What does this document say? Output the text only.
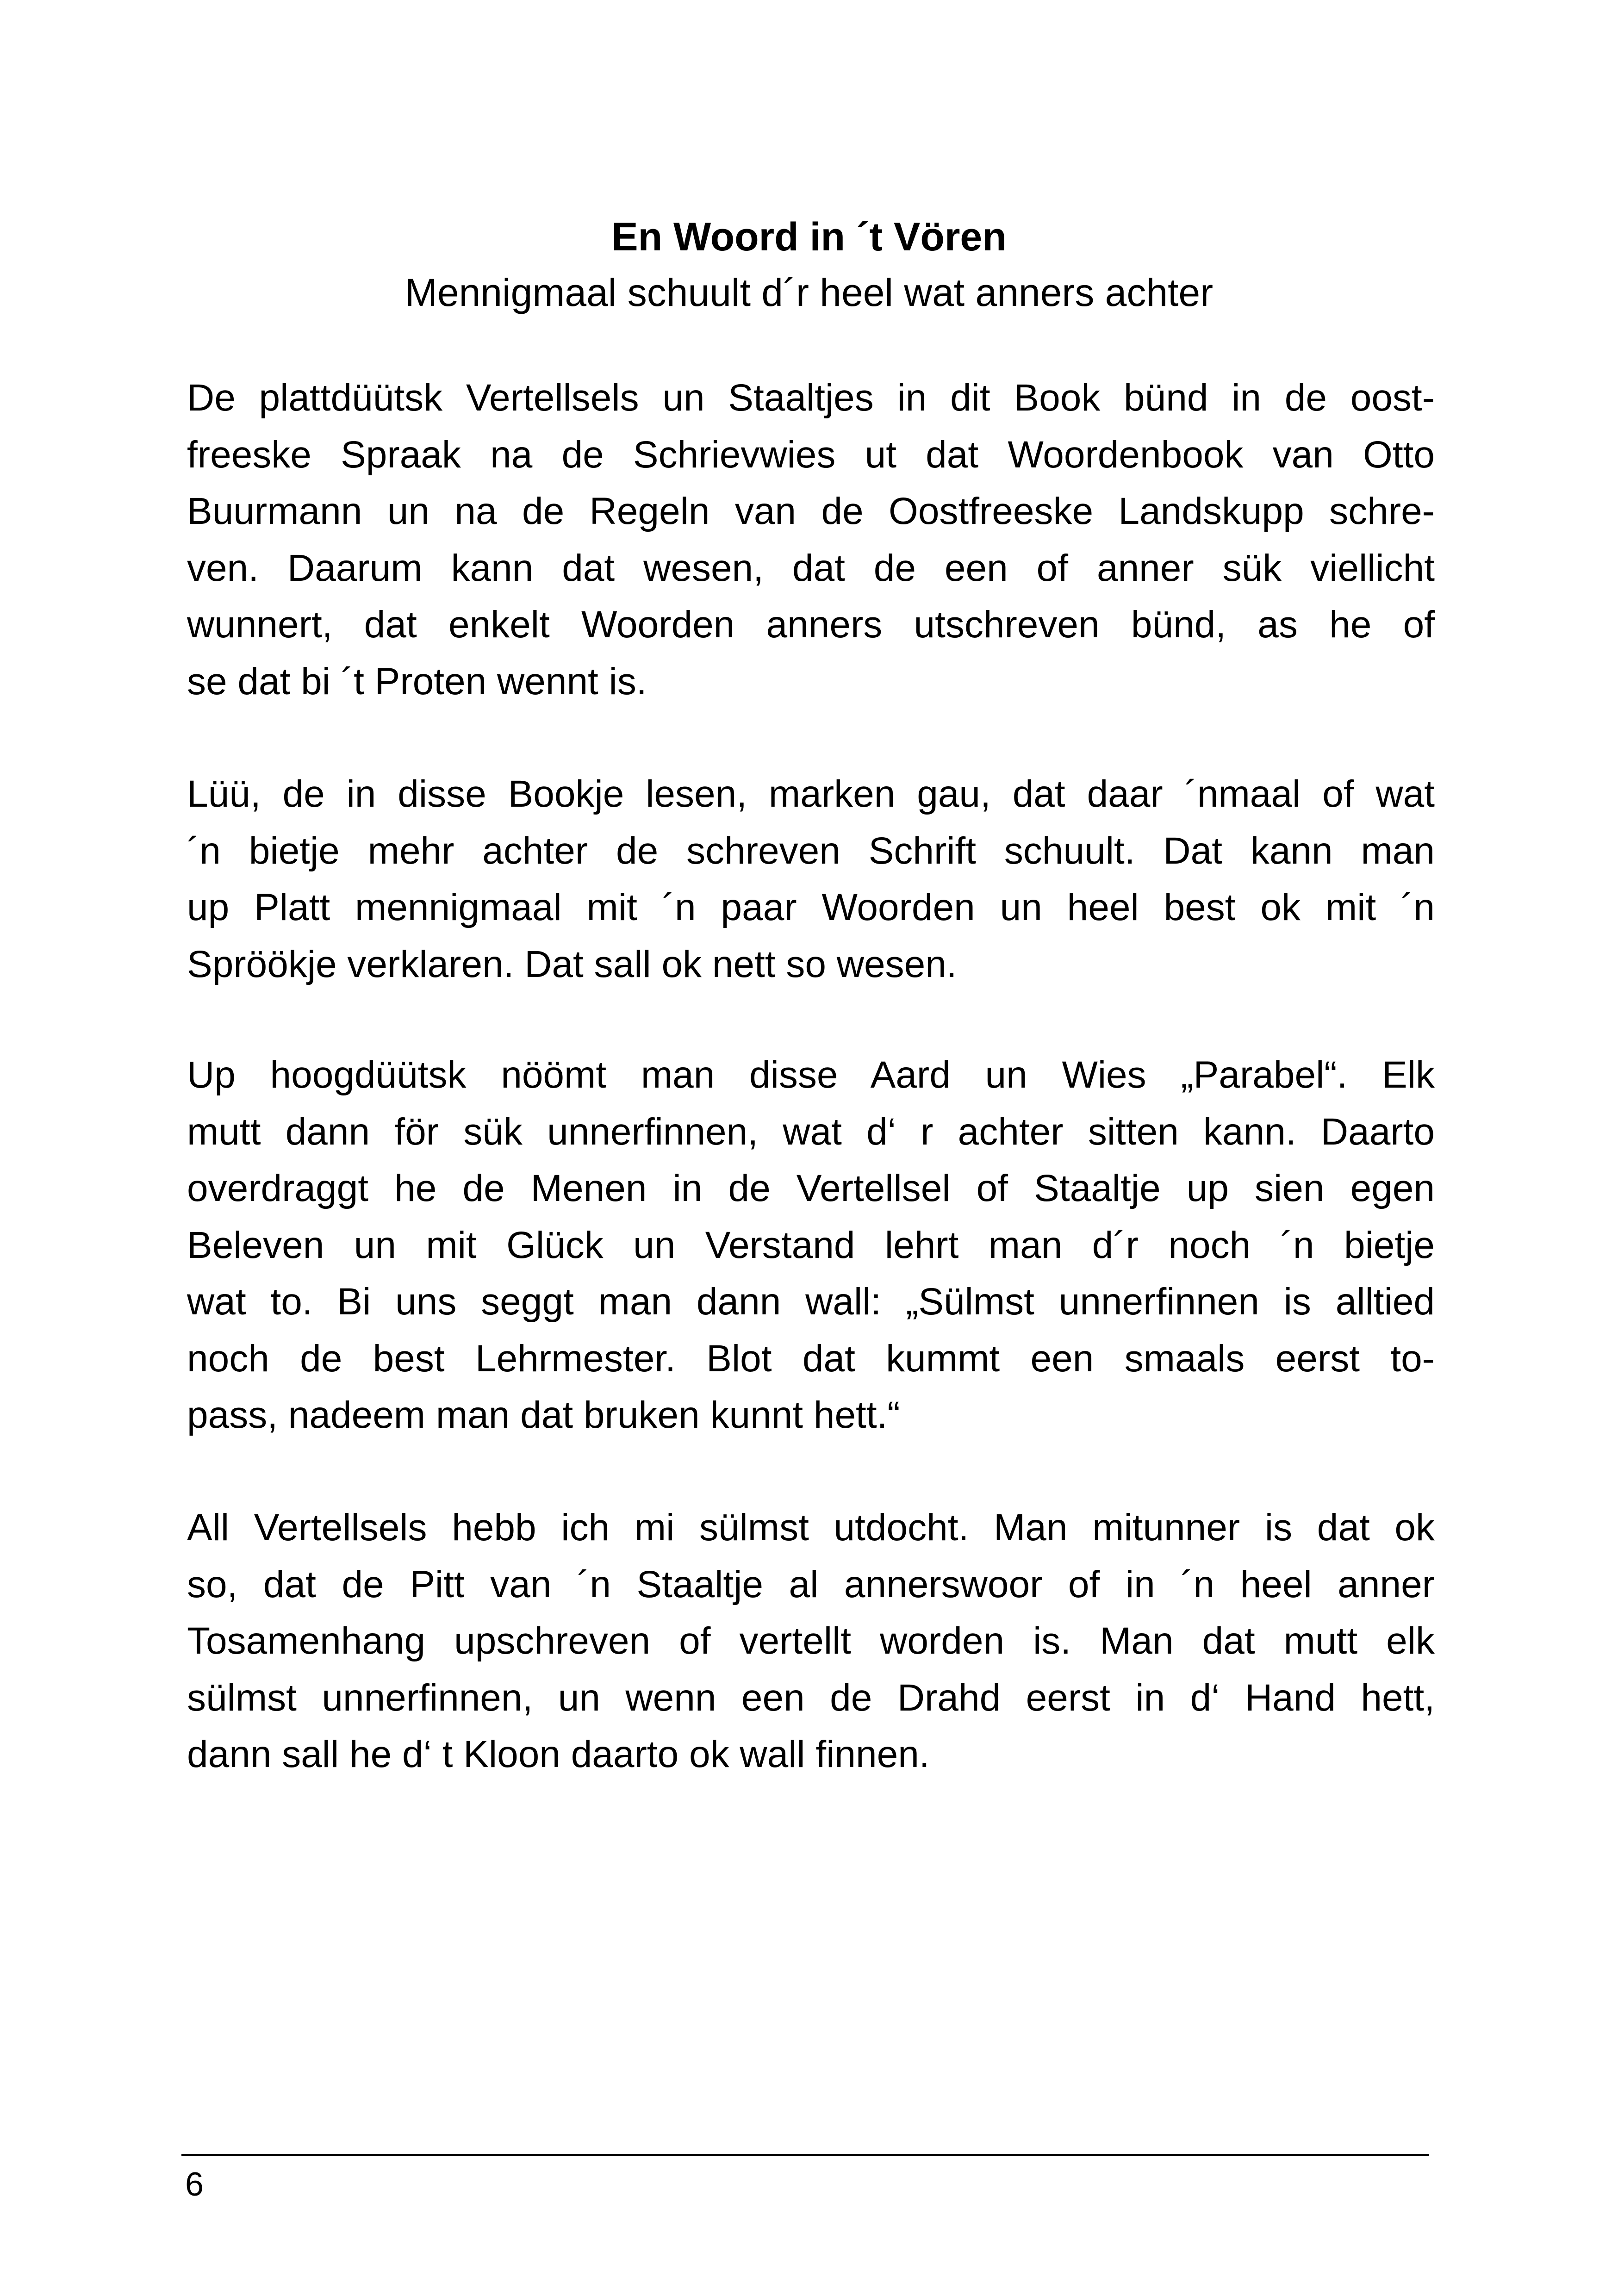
En Woord in ´t Vören
Mennigmaal schuult d´r heel wat anners achter
De plattdüütsk Vertellsels un Staaltjes in dit Book bünd in de oost-
freeske Spraak na de Schrievwies ut dat Woordenbook van Otto
Buurmann un na de Regeln van de Oostfreeske Landskupp schre-
ven. Daarum kann dat wesen, dat de een of anner sük viellicht
wunnert, dat enkelt Woorden anners utschreven bünd, as he of
se dat bi ´t Proten wennt is.
Lüü, de in disse Bookje lesen, marken gau, dat daar ´nmaal of wat
´n bietje mehr achter de schreven Schrift schuult. Dat kann man
up Platt mennigmaal mit ´n paar Woorden un heel best ok mit ´n
Spröökje verklaren. Dat sall ok nett so wesen.
Up hoogdüütsk nöömt man disse Aard un Wies „Parabel“. Elk
mutt dann för sük unnerfinnen, wat d‘ r achter sitten kann. Daarto
overdraggt he de Menen in de Vertellsel of Staaltje up sien egen
Beleven un mit Glück un Verstand lehrt man d´r noch ´n bietje
wat to. Bi uns seggt man dann wall: „Sülmst unnerfinnen is alltied
noch de best Lehrmester. Blot dat kummt een smaals eerst to-
pass, nadeem man dat bruken kunnt hett.“
All Vertellsels hebb ich mi sülmst utdocht. Man mitunner is dat ok
so, dat de Pitt van ´n Staaltje al annerswoor of in ´n heel anner
Tosamenhang upschreven of vertellt worden is. Man dat mutt elk
sülmst unnerfinnen, un wenn een de Drahd eerst in d‘ Hand hett,
dann sall he d‘ t Kloon daarto ok wall finnen.
6
